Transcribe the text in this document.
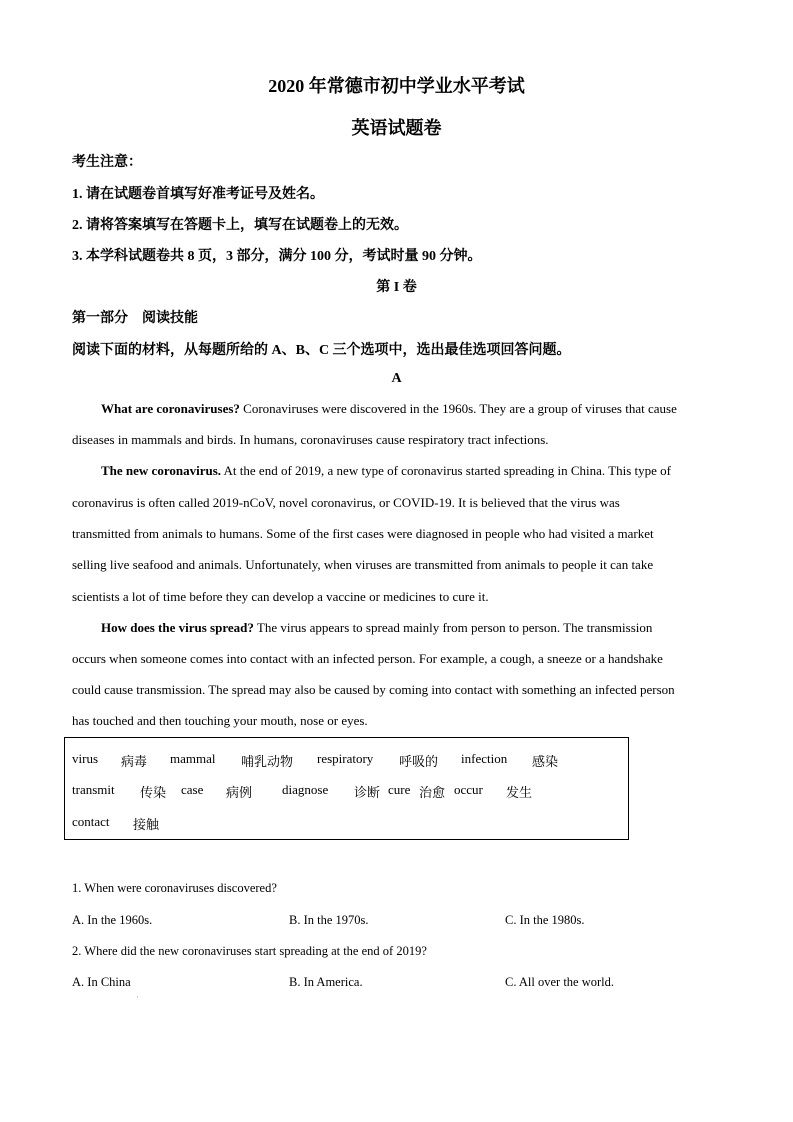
2020 年常德市初中学业水平考试
英语试题卷
考生注意：
1. 请在试题卷首填写好准考证号及姓名。
2. 请将答案填写在答题卡上，填写在试题卷上的无效。
3. 本学科试题卷共 8 页，3 部分，满分 100 分，考试时量 90 分钟。
第 I 卷
第一部分　阅读技能
阅读下面的材料，从每题所给的 A、B、C 三个选项中，选出最佳选项回答问题。
A
What are coronaviruses? Coronaviruses were discovered in the 1960s. They are a group of viruses that cause
diseases in mammals and birds. In humans, coronaviruses cause respiratory tract infections.
The new coronavirus. At the end of 2019, a new type of coronavirus started spreading in China. This type of
coronavirus is often called 2019-nCoV, novel coronavirus, or COVID-19. It is believed that the virus was
transmitted from animals to humans. Some of the first cases were diagnosed in people who had visited a market
selling live seafood and animals. Unfortunately, when viruses are transmitted from animals to people it can take
scientists a lot of time before they can develop a vaccine or medicines to cure it.
How does the virus spread? The virus appears to spread mainly from person to person. The transmission
occurs when someone comes into contact with an infected person. For example, a cough, a sneeze or a handshake
could cause transmission. The spread may also be caused by coming into contact with something an infected person
has touched and then touching your mouth, nose or eyes.
virus 病毒 mammal 哺乳动物 respiratory 呼吸的 infection 感染
transmit 传染 case 病例 diagnose 诊断 cure 治愈 occur 发生
contact 接触
1. When were coronaviruses discovered?
A. In the 1960s.	B. In the 1970s.	C. In the 1980s.
2. Where did the new coronaviruses start spreading at the end of 2019?
A. In China	B. In America.	C. All over the world.
·
